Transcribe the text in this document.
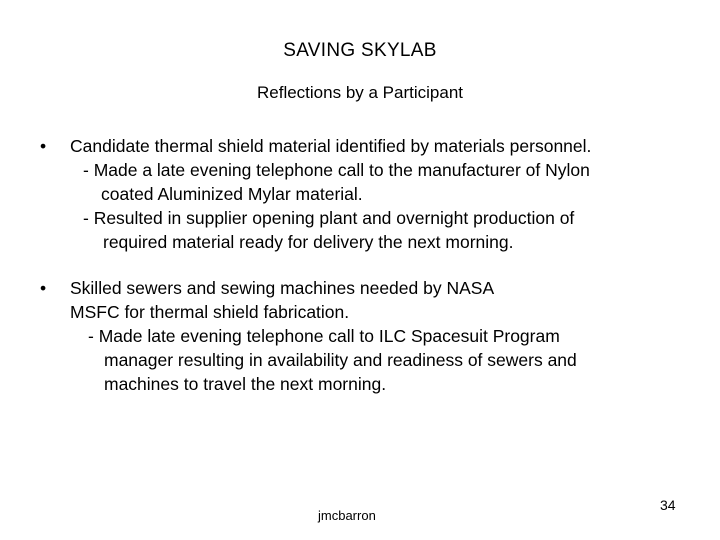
SAVING SKYLAB
Reflections by a Participant
• Candidate thermal shield material identified by materials personnel.
- Made a late evening telephone call to the manufacturer of Nylon
coated Aluminized Mylar material.
- Resulted in supplier opening plant and overnight production of
required material ready for delivery the next morning.
• Skilled sewers and sewing machines needed by NASA
MSFC for thermal shield fabrication.
- Made late evening telephone call to ILC Spacesuit Program
manager resulting in availability and readiness of sewers and
machines to travel the next morning.
jmcbarron
34
